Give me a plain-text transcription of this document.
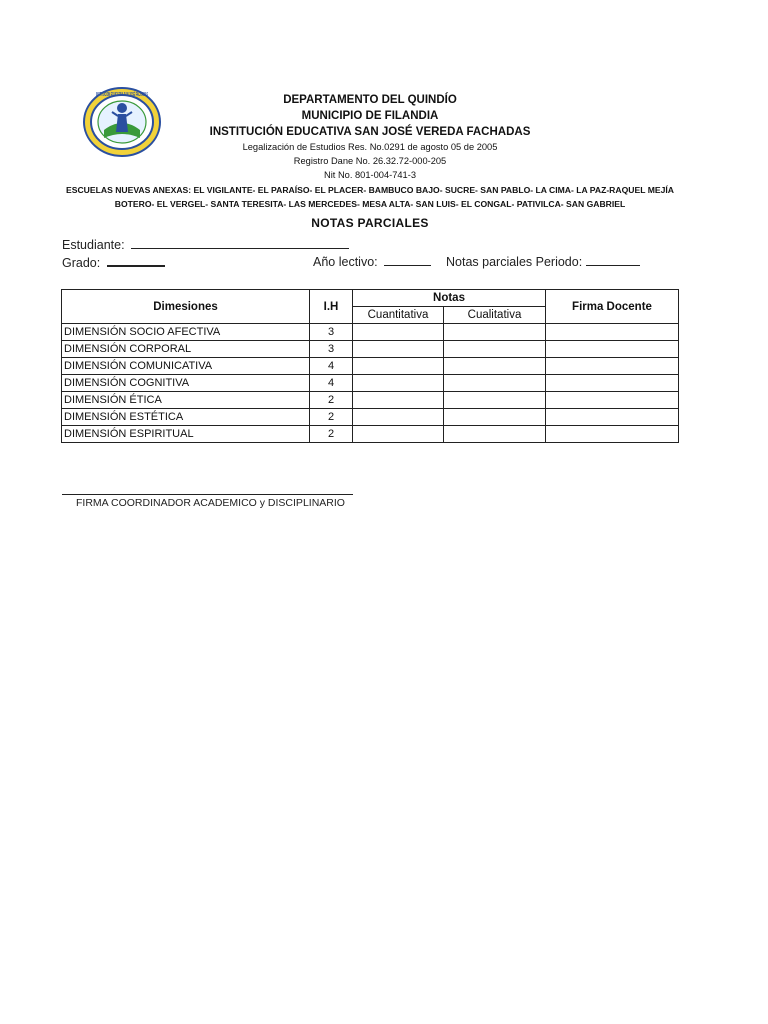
INSTITUCIÓN EDUCATIVA SAN JOSÉ FACHADAS	DEPARTAMENTO DEL QUINDÍO
MUNICIPIO DE FILANDIA
INSTITUCIÓN EDUCATIVA SAN JOSÉ VEREDA FACHADAS
Legalización de Estudios Res. No.0291 de agosto 05 de 2005
Registro Dane No. 26.32.72-000-205
Nit No. 801-004-741-3
ESCUELAS NUEVAS ANEXAS: EL VIGILANTE- EL PARAÍSO- EL PLACER- BAMBUCO BAJO- SUCRE- SAN PABLO- LA CIMA- LA PAZ-RAQUEL MEJÍA
BOTERO- EL VERGEL- SANTA TERESITA- LAS MERCEDES- MESA ALTA- SAN LUIS- EL CONGAL- PATIVILCA- SAN GABRIEL
NOTAS PARCIALES
Estudiante:
Grado:	Año lectivo:	Notas parciales Periodo:
Dimesiones	I.H	Notas		Firma Docente
		Cuantitativa	Cualitativa	
DIMENSIÓN SOCIO AFECTIVA	3			
DIMENSIÓN CORPORAL	3			
DIMENSIÓN COMUNICATIVA	4			
DIMENSIÓN COGNITIVA	4			
DIMENSIÓN ÉTICA	2			
DIMENSIÓN ESTÉTICA	2			
DIMENSIÓN ESPIRITUAL	2			
FIRMA COORDINADOR ACADEMICO y DISCIPLINARIO
